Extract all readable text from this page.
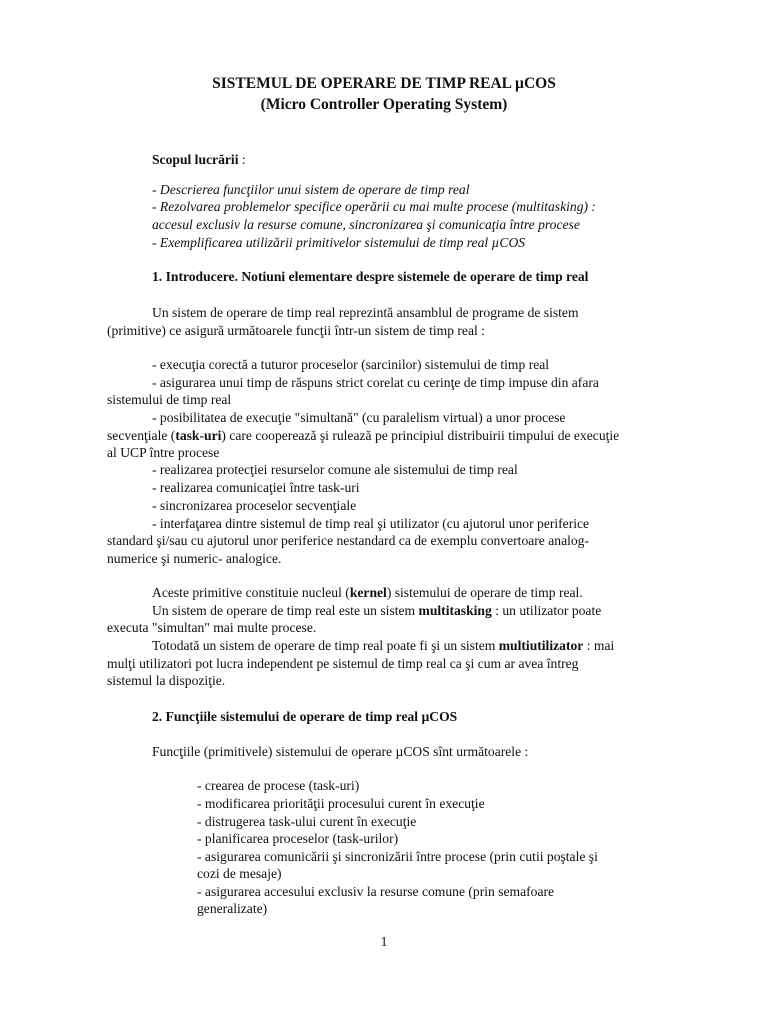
SISTEMUL DE OPERARE DE TIMP REAL µCOS
(Micro Controller Operating System)
Scopul lucrării :
- Descrierea funcţiilor unui sistem de operare de timp real
- Rezolvarea problemelor specifice operării cu mai multe procese (multitasking) :
accesul exclusiv la resurse comune, sincronizarea şi comunicaţia între procese
- Exemplificarea utilizării primitivelor sistemului de timp real µCOS
1. Introducere. Notiuni elementare despre sistemele de operare de timp real
Un sistem de operare de timp real reprezintă ansamblul de programe de sistem
(primitive) ce asigură următoarele funcţii într-un sistem de timp real :
- execuţia corectă a tuturor proceselor (sarcinilor) sistemului de timp real
- asigurarea unui timp de răspuns strict corelat cu cerinţe de timp impuse din afara
sistemului de timp real
- posibilitatea de execuţie "simultană" (cu paralelism virtual) a unor procese
secvenţiale (task-uri) care cooperează şi rulează pe principiul distribuirii timpului de execuţie
al UCP între procese
- realizarea protecţiei resurselor comune ale sistemului de timp real
- realizarea comunicaţiei între task-uri
- sincronizarea proceselor secvenţiale
- interfaţarea dintre sistemul de timp real şi utilizator (cu ajutorul unor periferice
standard şi/sau cu ajutorul unor periferice nestandard ca de exemplu convertoare analog-
numerice şi numeric- analogice.
Aceste primitive constituie nucleul (kernel) sistemului de operare de timp real.
Un sistem de operare de timp real este un sistem multitasking : un utilizator poate
executa "simultan" mai multe procese.
Totodată un sistem de operare de timp real poate fi şi un sistem multiutilizator : mai
mulţi utilizatori pot lucra independent pe sistemul de timp real ca şi cum ar avea întreg
sistemul la dispoziţie.
2. Funcţiile sistemului de operare de timp real µCOS
Funcţiile (primitivele) sistemului de operare µCOS sînt următoarele :
- crearea de procese (task-uri)
- modificarea priorităţii procesului curent în execuţie
- distrugerea task-ului curent în execuţie
- planificarea proceselor (task-urilor)
- asigurarea comunicării şi sincronizării între procese (prin cutii poştale şi
cozi de mesaje)
- asigurarea accesului exclusiv la resurse comune (prin semafoare
generalizate)
1
